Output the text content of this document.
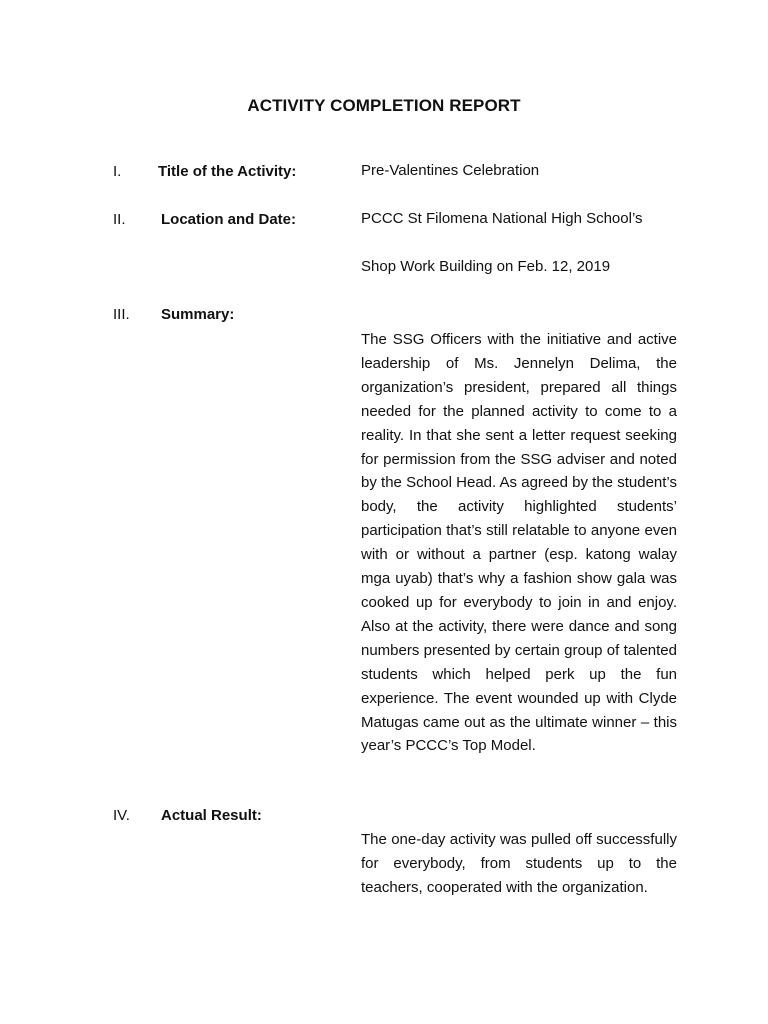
ACTIVITY COMPLETION REPORT
I. Title of the Activity:	Pre-Valentines Celebration
II. Location and Date:	PCCC St Filomena National High School’s
Shop Work Building on Feb. 12, 2019
III. Summary:
The SSG Officers with the initiative and active leadership of Ms. Jennelyn Delima, the organization’s president, prepared all things needed for the planned activity to come to a reality. In that she sent a letter request seeking for permission from the SSG adviser and noted by the School Head. As agreed by the student’s body, the activity highlighted students’ participation that’s still relatable to anyone even with or without a partner (esp. katong walay mga uyab) that’s why a fashion show gala was cooked up for everybody to join in and enjoy. Also at the activity, there were dance and song numbers presented by certain group of talented students which helped perk up the fun experience. The event wounded up with Clyde Matugas came out as the ultimate winner – this year’s PCCC’s Top Model.
IV. Actual Result:
The one-day activity was pulled off successfully for everybody, from students up to the teachers, cooperated with the organization.
